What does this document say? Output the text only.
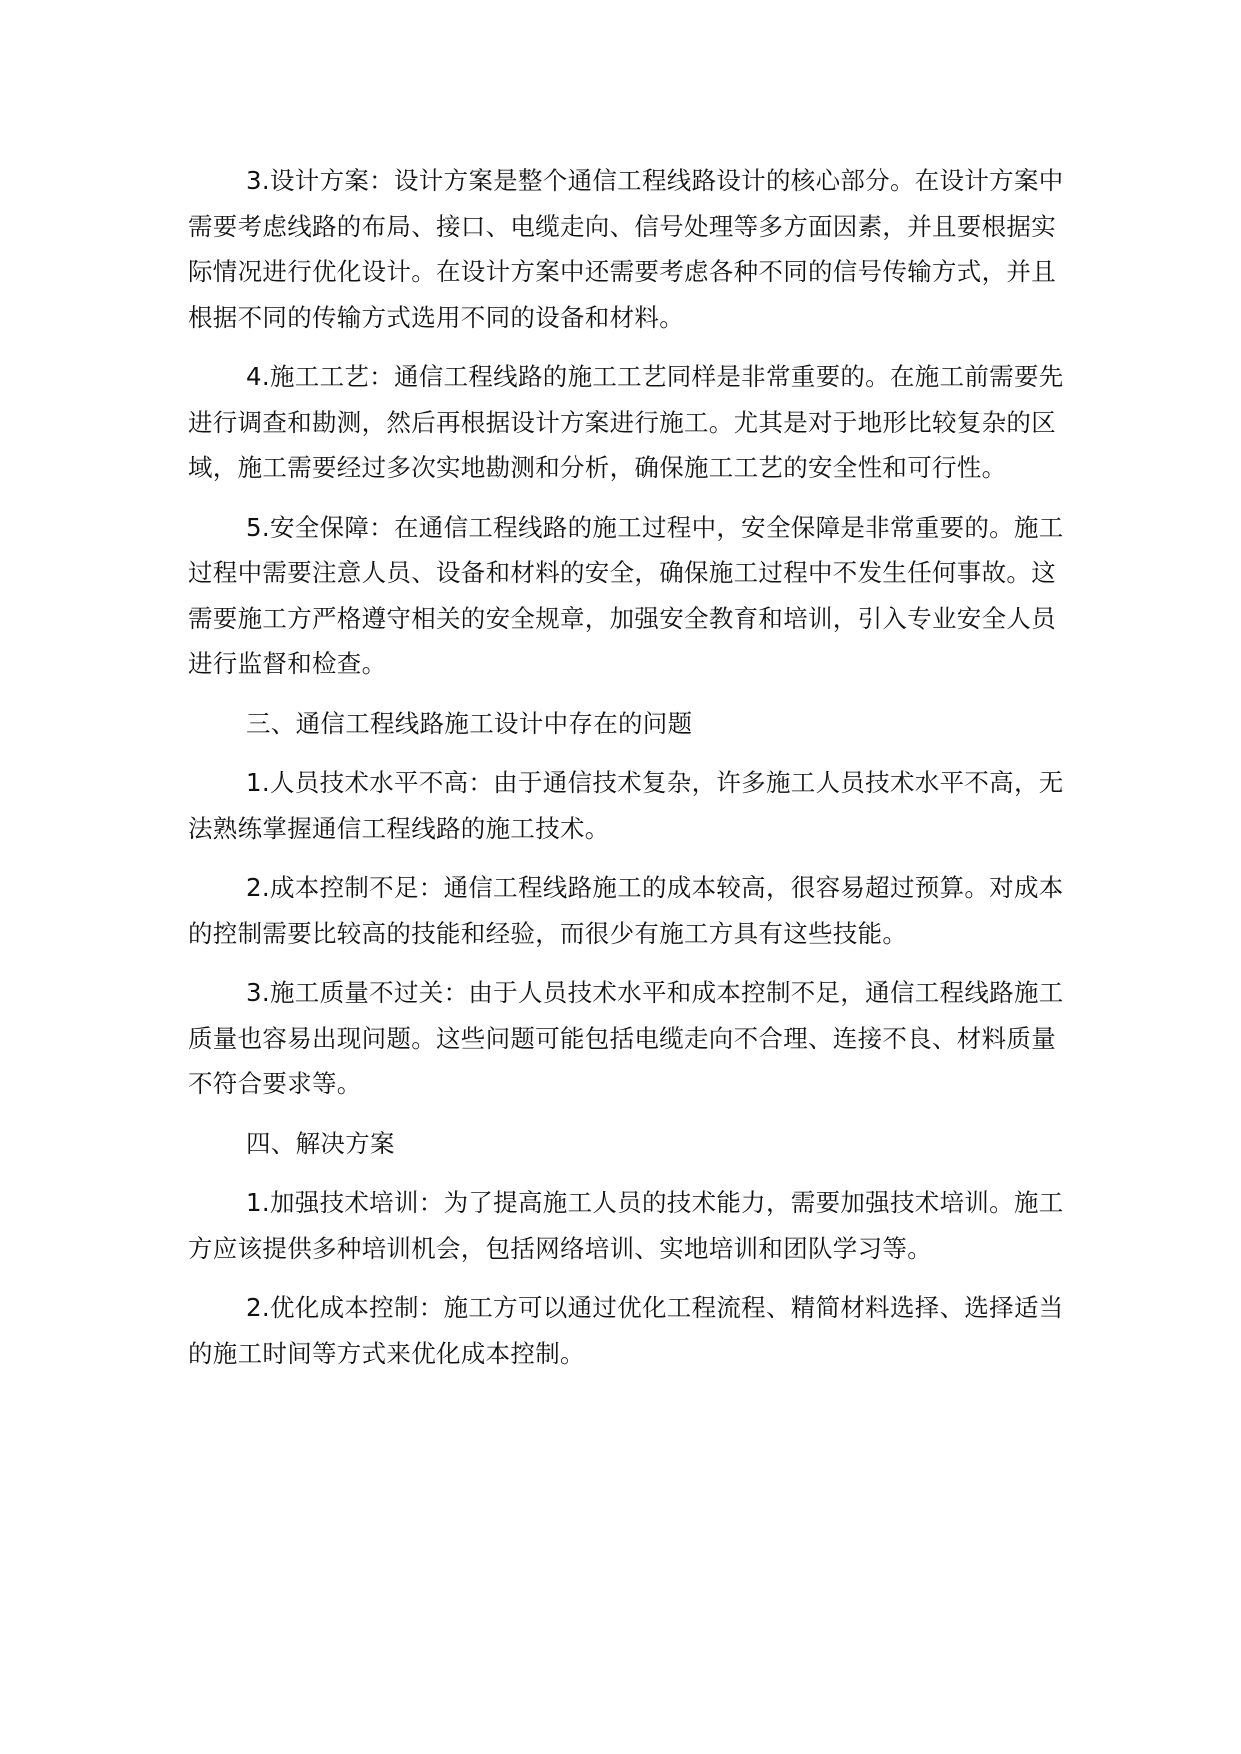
3.设计方案：设计方案是整个通信工程线路设计的核心部分。在设计方案中需要考虑线路的布局、接口、电缆走向、信号处理等多方面因素，并且要根据实际情况进行优化设计。在设计方案中还需要考虑各种不同的信号传输方式，并且根据不同的传输方式选用不同的设备和材料。

4.施工工艺：通信工程线路的施工工艺同样是非常重要的。在施工前需要先进行调查和勘测，然后再根据设计方案进行施工。尤其是对于地形比较复杂的区域，施工需要经过多次实地勘测和分析，确保施工工艺的安全性和可行性。

5.安全保障：在通信工程线路的施工过程中，安全保障是非常重要的。施工过程中需要注意人员、设备和材料的安全，确保施工过程中不发生任何事故。这需要施工方严格遵守相关的安全规章，加强安全教育和培训，引入专业安全人员进行监督和检查。

三、通信工程线路施工设计中存在的问题

1.人员技术水平不高：由于通信技术复杂，许多施工人员技术水平不高，无法熟练掌握通信工程线路的施工技术。

2.成本控制不足：通信工程线路施工的成本较高，很容易超过预算。对成本的控制需要比较高的技能和经验，而很少有施工方具有这些技能。

3.施工质量不过关：由于人员技术水平和成本控制不足，通信工程线路施工质量也容易出现问题。这些问题可能包括电缆走向不合理、连接不良、材料质量不符合要求等。

四、解决方案

1.加强技术培训：为了提高施工人员的技术能力，需要加强技术培训。施工方应该提供多种培训机会，包括网络培训、实地培训和团队学习等。

2.优化成本控制：施工方可以通过优化工程流程、精简材料选择、选择适当的施工时间等方式来优化成本控制。
